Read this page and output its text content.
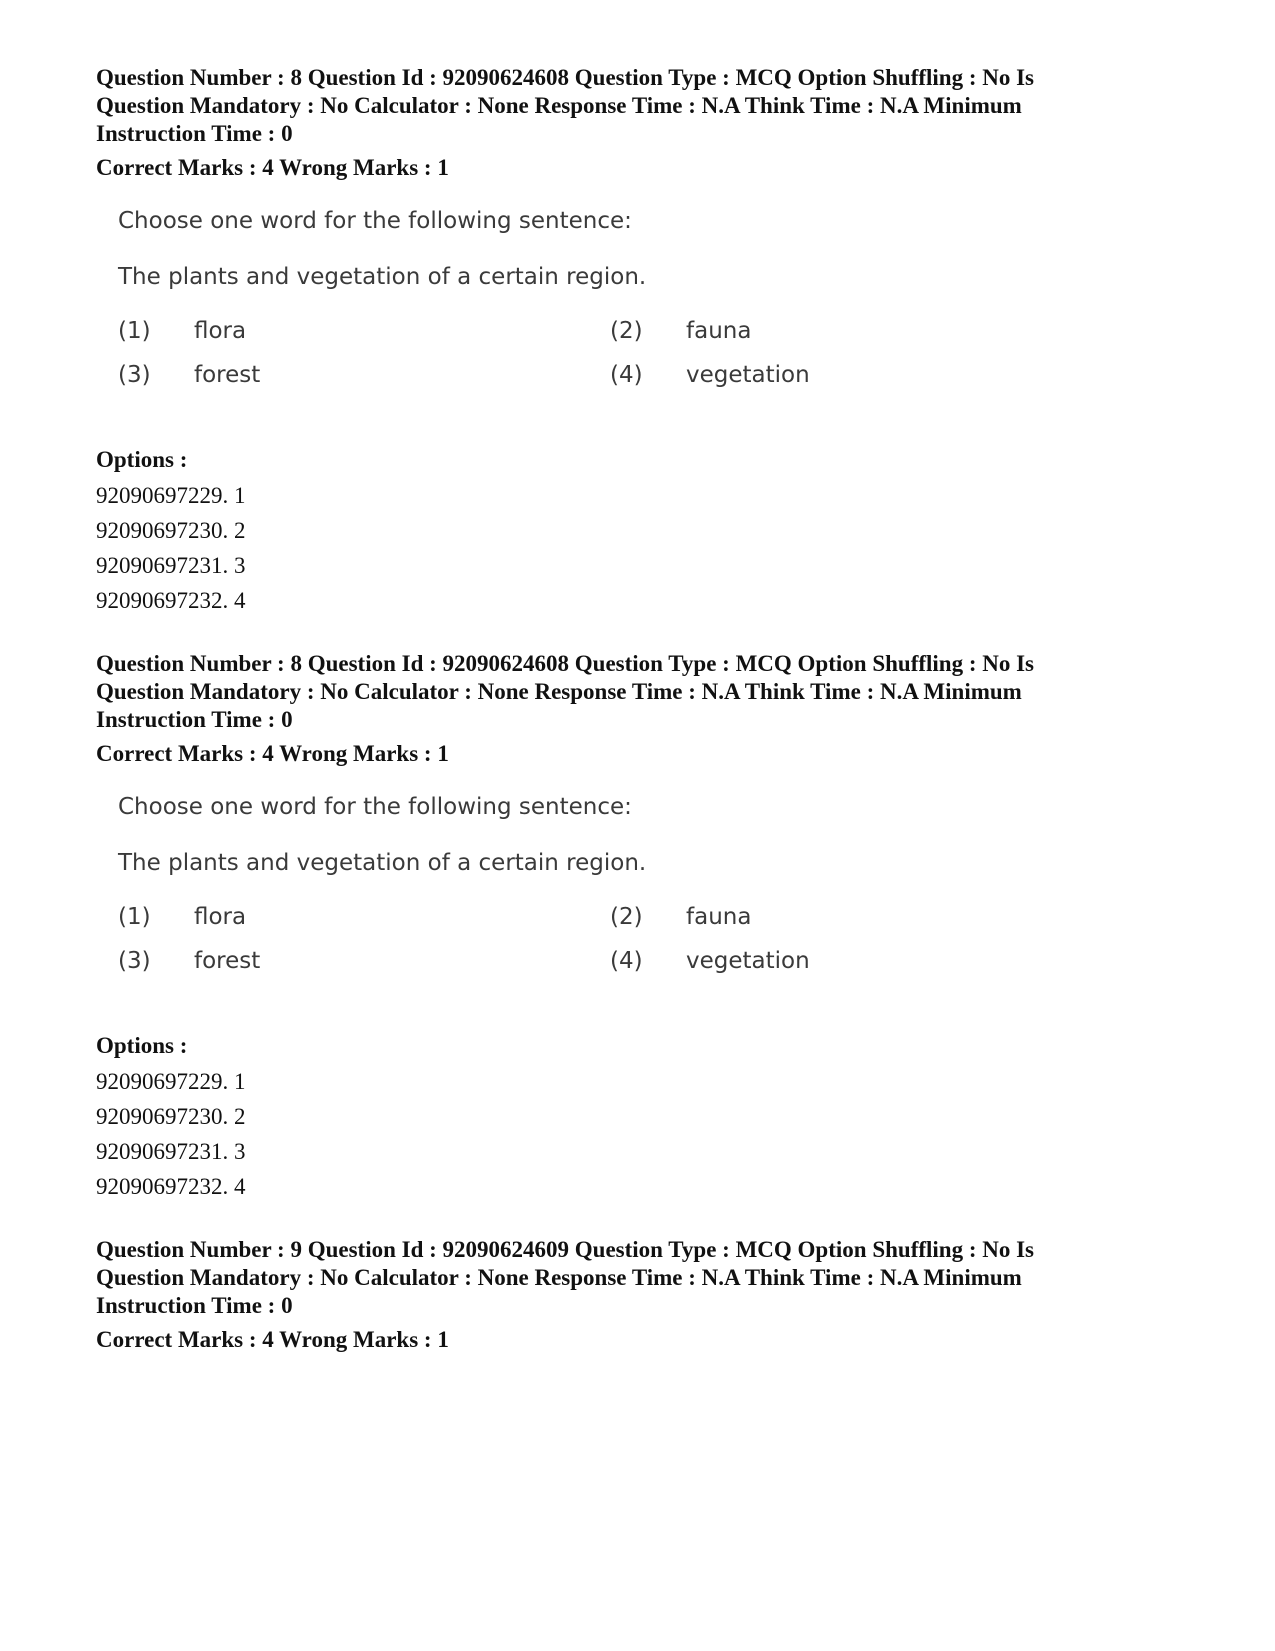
Question Number : 8 Question Id : 92090624608 Question Type : MCQ Option Shuffling : No Is
Question Mandatory : No Calculator : None Response Time : N.A Think Time : N.A Minimum
Instruction Time : 0
Correct Marks : 4 Wrong Marks : 1
Choose one word for the following sentence:
The plants and vegetation of a certain region.
(1) flora	(2) fauna
(3) forest	(4) vegetation
Options :
92090697229. 1
92090697230. 2
92090697231. 3
92090697232. 4
Question Number : 8 Question Id : 92090624608 Question Type : MCQ Option Shuffling : No Is
Question Mandatory : No Calculator : None Response Time : N.A Think Time : N.A Minimum
Instruction Time : 0
Correct Marks : 4 Wrong Marks : 1
Choose one word for the following sentence:
The plants and vegetation of a certain region.
(1) flora	(2) fauna
(3) forest	(4) vegetation
Options :
92090697229. 1
92090697230. 2
92090697231. 3
92090697232. 4
Question Number : 9 Question Id : 92090624609 Question Type : MCQ Option Shuffling : No Is
Question Mandatory : No Calculator : None Response Time : N.A Think Time : N.A Minimum
Instruction Time : 0
Correct Marks : 4 Wrong Marks : 1
